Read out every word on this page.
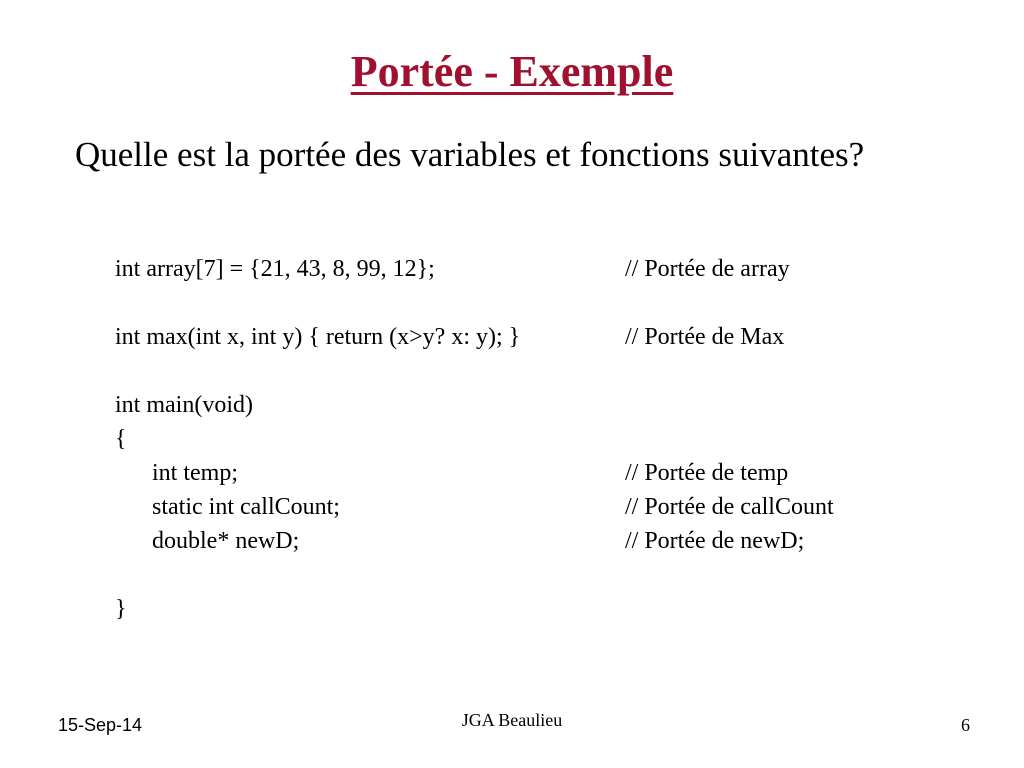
Portée - Exemple
Quelle est la portée des variables et fonctions suivantes?
int array[7] = {21, 43, 8, 99, 12};	// Portée de array
int max(int x, int y) { return (x>y? x: y); }	// Portée de Max
int main(void)
{
int temp;	// Portée de temp
static int callCount;	// Portée de callCount
double* newD;	// Portée de newD;
}
15-Sep-14	JGA Beaulieu	6
